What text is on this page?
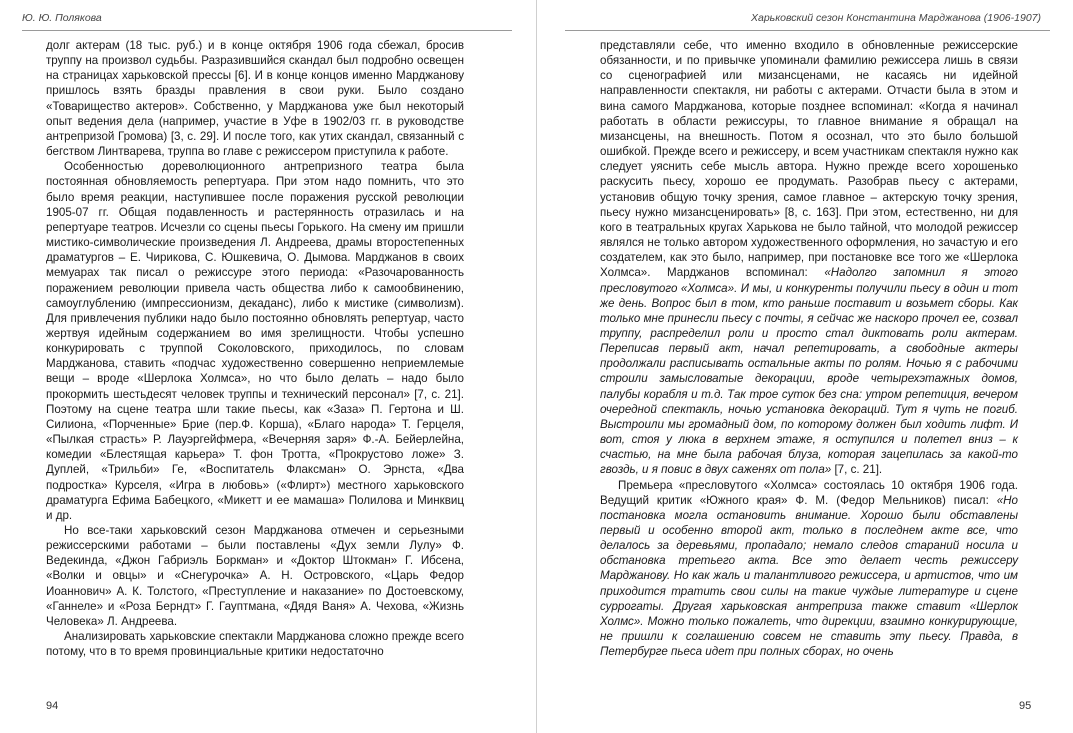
Ю. Ю. Полякова

долг актерам (18 тыс. руб.) и в конце октября 1906 года сбежал, бросив труппу на произвол судьбы. Разразившийся скандал был подробно освещен на страницах харьковской прессы [6]. И в конце концов именно Марджанову пришлось взять бразды правления в свои руки. Было создано «Товарищество актеров». Собственно, у Марджанова уже был некоторый опыт ведения дела (например, участие в Уфе в 1902/03 гг. в руководстве антрепризой Громова) [3, с. 29]. И после того, как утих скандал, связанный с бегством Линтварева, труппа во главе с режиссером приступила к работе.

Особенностью дореволюционного антрепризного театра была постоянная обновляемость репертуара. При этом надо помнить, что это было время реакции, наступившее после поражения русской революции 1905-07 гг. Общая подавленность и растерянность отразилась и на репертуаре театров. Исчезли со сцены пьесы Горького. На смену им пришли мистико-символические произведения Л. Андреева, драмы второстепенных драматургов – Е. Чирикова, С. Юшкевича, О. Дымова. Марджанов в своих мемуарах так писал о режиссуре этого периода: «Разочарованность поражением революции привела часть общества либо к самообвинению, самоуглублению (импрессионизм, декаданс), либо к мистике (символизм). Для привлечения публики надо было постоянно обновлять репертуар, часто жертвуя идейным содержанием во имя зрелищности. Чтобы успешно конкурировать с труппой Соколовского, приходилось, по словам Марджанова, ставить «подчас художественно совершенно неприемлемые вещи – вроде «Шерлока Холмса», но что было делать – надо было прокормить шестьдесят человек труппы и технический персонал» [7, с. 21]. Поэтому на сцене театра шли такие пьесы, как «Заза» П. Гертона и Ш. Силиона, «Порченные» Бриe (пер.Ф. Корша), «Благо народа» Т. Герцеля, «Пылкая страсть» Р. Лауэргейфмера, «Вечерняя заря» Ф.-А. Бейерлейна, комедии «Блестящая карьера» Т. фон Тротта, «Прокрустово ложе» З. Дуплей, «Трильби» Ге, «Воспитатель Флаксман» О. Эрнста, «Два подростка» Курселя, «Игра в любовь» («Флирт») местного харьковского драматурга Ефима Бабецкого, «Микетт и ее мамаша» Полилова и Минквиц и др.

Но все-таки харьковский сезон Марджанова отмечен и серьезными режиссерскими работами – были поставлены «Дух земли Лулу» Ф. Ведекинда, «Джон Габриэль Боркман» и «Доктор Штокман» Г. Ибсена, «Волки и овцы» и «Снегурочка» А. Н. Островского, «Царь Федор Иоаннович» А. К. Толстого, «Преступление и наказание» по Достоевскому, «Ганнеле» и «Роза Берндт» Г. Гауптмана, «Дядя Ваня» А. Чехова, «Жизнь Человека» Л. Андреева.

Анализировать харьковские спектакли Марджанова сложно прежде всего потому, что в то время провинциальные критики недостаточно

94
Харьковский сезон Константина Марджанова (1906-1907)

представляли себе, что именно входило в обновленные режиссерские обязанности, и по привычке упоминали фамилию режиссера лишь в связи со сценографией или мизансценами, не касаясь ни идейной направленности спектакля, ни работы с актерами. Отчасти была в этом и вина самого Марджанова, которые позднее вспоминал: «Когда я начинал работать в области режиссуры, то главное внимание я обращал на мизансцены, на внешность. Потом я осознал, что это было большой ошибкой. Прежде всего и режиссеру, и всем участникам спектакля нужно как следует уяснить себе мысль автора. Нужно прежде всего хорошенько раскусить пьесу, хорошо ее продумать. Разобрав пьесу с актерами, установив общую точку зрения, самое главное – актерскую точку зрения, пьесу нужно мизансценировать» [8, с. 163]. При этом, естественно, ни для кого в театральных кругах Харькова не было тайной, что молодой режиссер являлся не только автором художественного оформления, но зачастую и его создателем, как это было, например, при постановке все того же «Шерлока Холмса». Марджанов вспоминал: «Надолго запомнил я этого пресловутого «Холмса». И мы, и конкуренты получили пьесу в один и тот же день. Вопрос был в том, кто раньше поставит и возьмет сборы. Как только мне принесли пьесу с почты, я сейчас же наскоро прочел ее, созвал труппу, распределил роли и просто стал диктовать роли актерам. Переписав первый акт, начал репетировать, а свободные актеры продолжали расписывать остальные акты по ролям. Ночью я с рабочими строили замысловатые декорации, вроде четырехэтажных домов, палубы корабля и т.д. Так трое суток без сна: утром репетиция, вечером очередной спектакль, ночью установка декораций. Тут я чуть не погиб. Выстроили мы громадный дом, по которому должен был ходить лифт. И вот, стоя у люка в верхнем этаже, я оступился и полетел вниз – к счастью, на мне была рабочая блуза, которая зацепилась за какой-то гвоздь, и я повис в двух саженях от пола» [7, с. 21].

Премьера «пресловутого «Холмса» состоялась 10 октября 1906 года. Ведущий критик «Южного края» Ф. М. (Федор Мельников) писал: «Но постановка могла остановить внимание. Хорошо были обставлены первый и особенно второй акт, только в последнем акте все, что делалось за деревьями, пропадало; немало следов стараний носила и обстановка третьего акта. Все это делает честь режиссеру Марджанову. Но как жаль и талантливого режиссера, и артистов, что им приходится тратить свои силы на такие чуждые литературе и сцене суррогаты. Другая харьковская антреприза также ставит «Шерлок Холмс». Можно только пожалеть, что дирекции, взаимно конкурирующие, не пришли к соглашению совсем не ставить эту пьесу. Правда, в Петербурге пьеса идет при полных сборах, но очень

95
